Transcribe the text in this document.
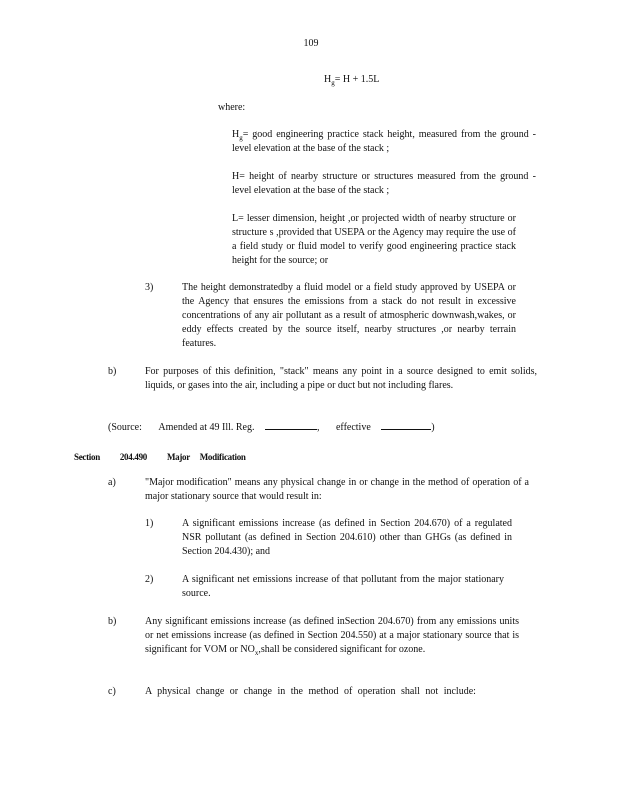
109
$H_g= H + 1.5L$
where:
$H_g=$ good engineering practice stack height, measured from the ground -level elevation at the base of the stack ;
H= height of nearby structure or structures measured from the ground -level elevation at the base of the stack ;
L= lesser dimension, height ,or projected width of nearby structure or structure s ,provided that USEPA or the Agency may require the use of a field study or fluid model to verify good engineering practice stack height for the source; or
3)	The height demonstratedby a fluid model or a field study approved by USEPA or the Agency that ensures the emissions from a stack do not result in excessive concentrations of any air pollutant as a result of atmospheric downwash,wakes, or eddy effects created by the source itself, nearby structures ,or nearby terrain features.
b)	For purposes of this definition, "stack" means any point in a source designed to emit solids, liquids, or gases into the air, including a pipe or duct but not including flares.
(Source: Amended at 49 Ill. Reg.	, effective	)
Section 204.490 Major Modification
a)	"Major modification" means any physical change in or change in the method of operation of a major stationary source that would result in:
1)	A significant emissions increase (as defined in Section 204.670) of a regulated NSR pollutant (as defined in Section 204.610) other than GHGs (as defined in Section 204.430); and
2)	A significant net emissions increase of that pollutant from the major stationary source.
b)	Any significant emissions increase (as defined inSection 204.670) from any emissions units or net emissions increase (as defined in Section 204.550) at a major stationary source that is significant for VOM or $NO_x,shall$ be considered significant for ozone.
c)	A physical change or change in the method of operation shall not include:
